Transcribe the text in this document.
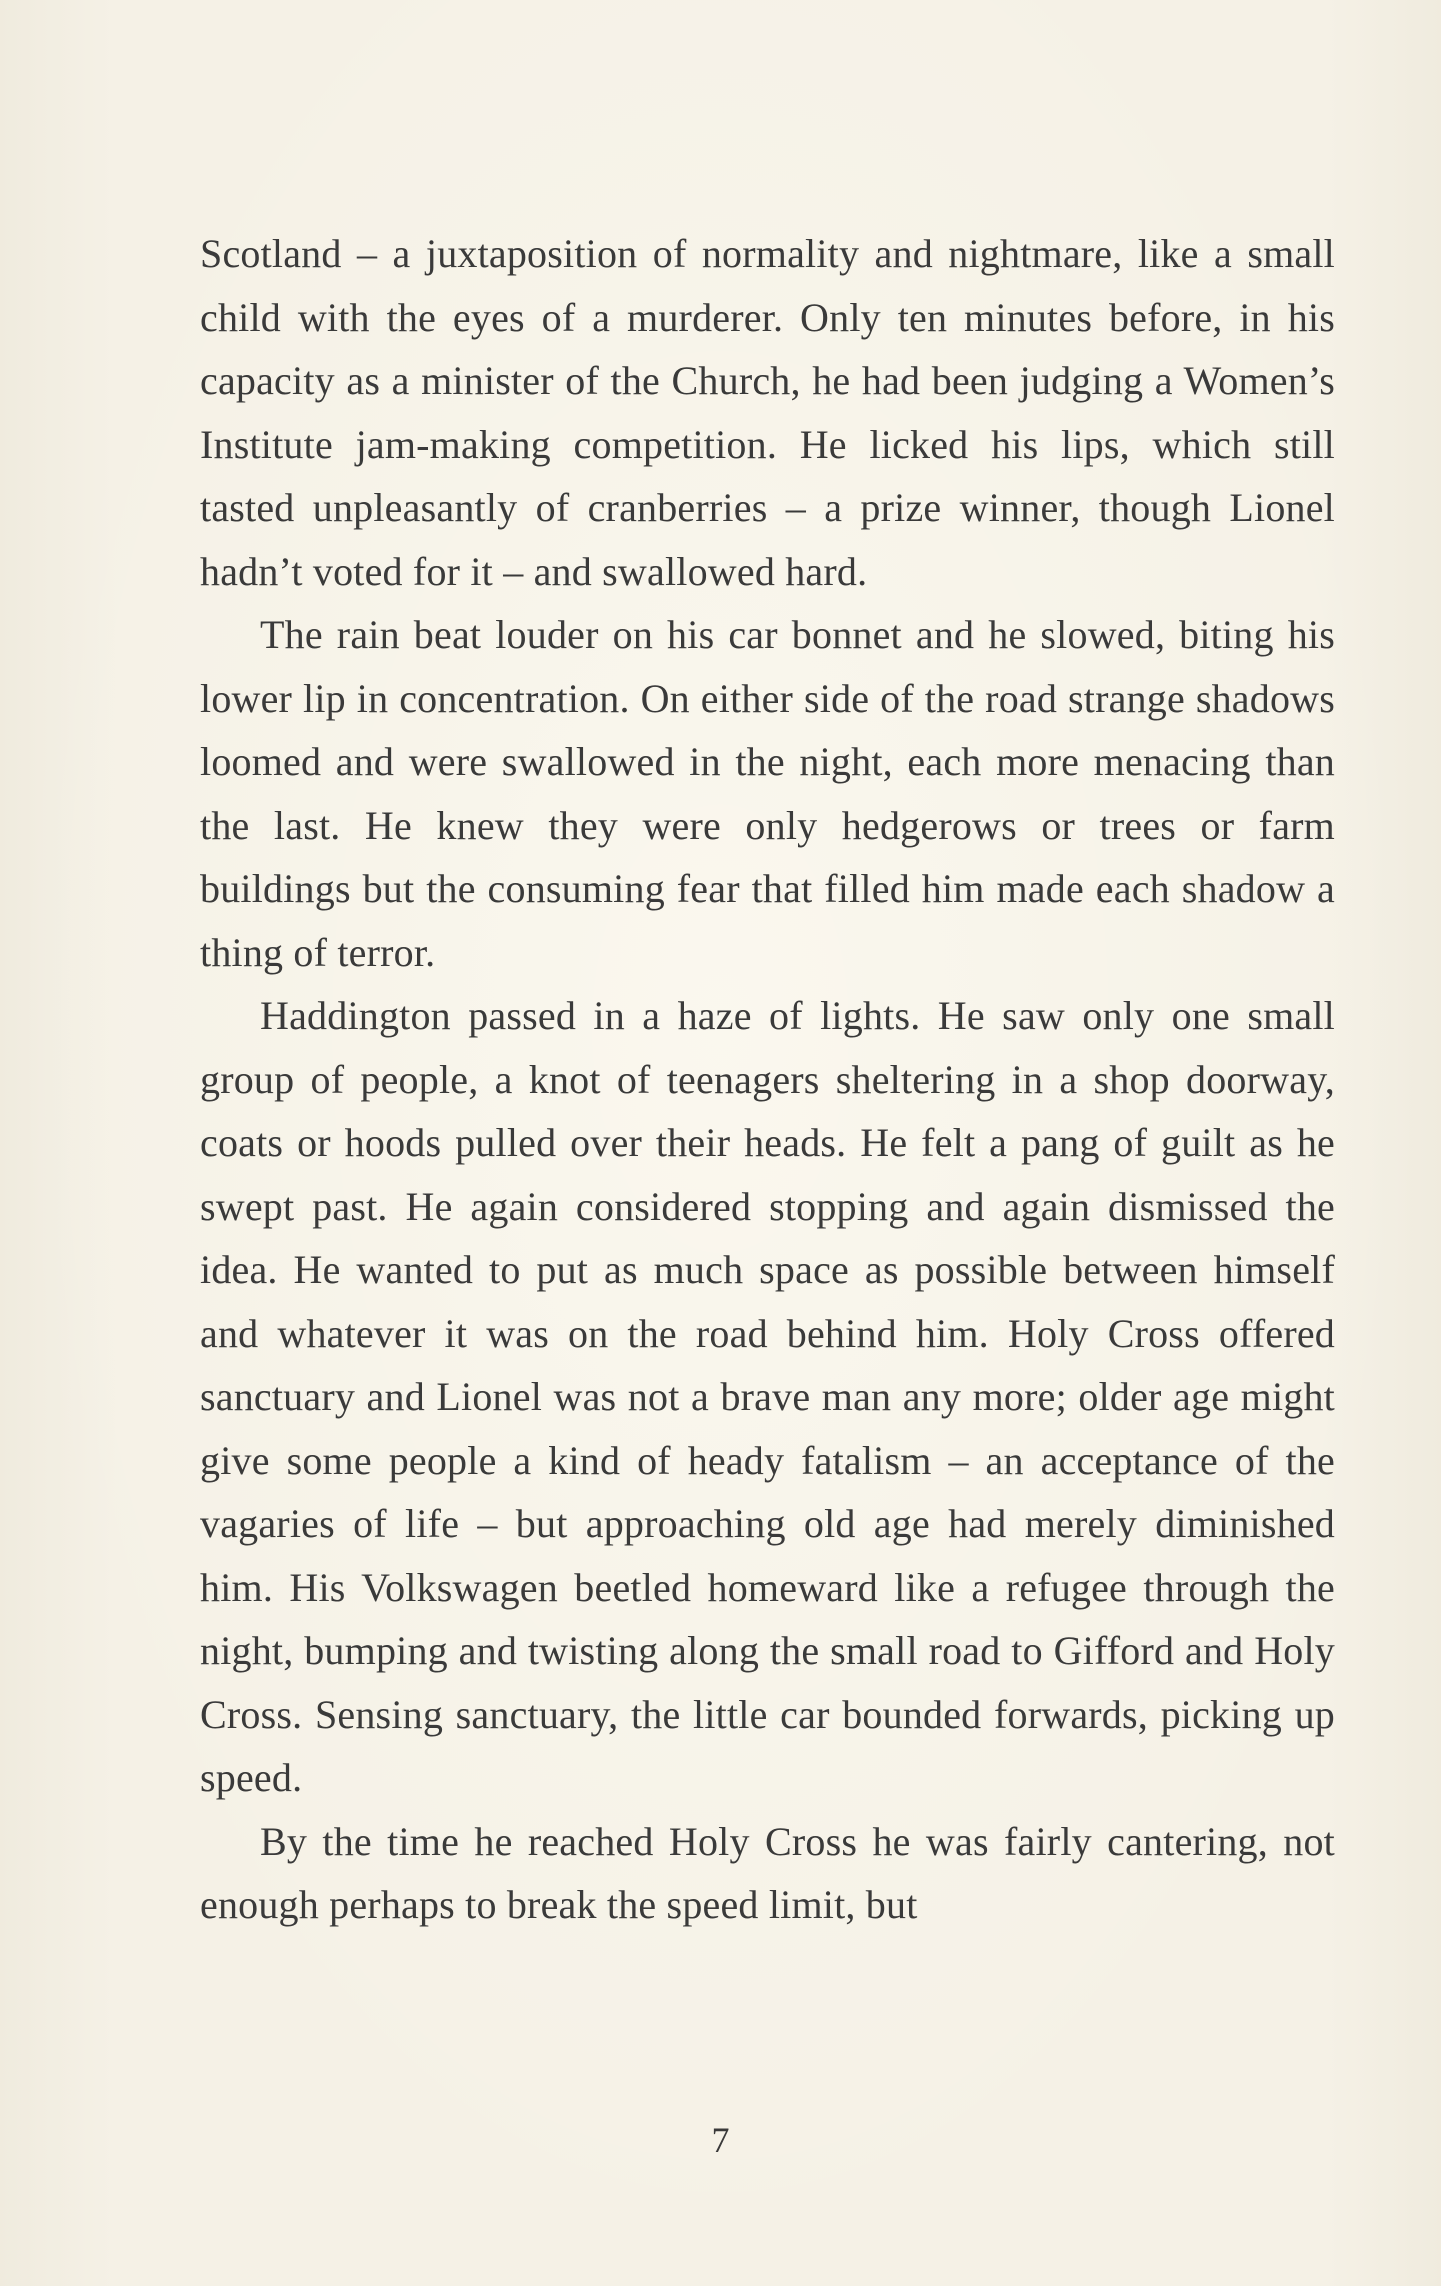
Scotland – a juxtaposition of normality and nightmare, like a small child with the eyes of a murderer. Only ten minutes before, in his capacity as a minister of the Church, he had been judging a Women’s Institute jam-making competition. He licked his lips, which still tasted unpleasantly of cranberries – a prize winner, though Lionel hadn’t voted for it – and swallowed hard.

The rain beat louder on his car bonnet and he slowed, biting his lower lip in concentration. On either side of the road strange shadows loomed and were swallowed in the night, each more menacing than the last. He knew they were only hedgerows or trees or farm buildings but the consuming fear that filled him made each shadow a thing of terror.

Haddington passed in a haze of lights. He saw only one small group of people, a knot of teenagers sheltering in a shop doorway, coats or hoods pulled over their heads. He felt a pang of guilt as he swept past. He again considered stopping and again dismissed the idea. He wanted to put as much space as possible between himself and whatever it was on the road behind him. Holy Cross offered sanctuary and Lionel was not a brave man any more; older age might give some people a kind of heady fatalism – an acceptance of the vagaries of life – but approaching old age had merely diminished him. His Volkswagen beetled homeward like a refugee through the night, bumping and twisting along the small road to Gifford and Holy Cross. Sensing sanctuary, the little car bounded forwards, picking up speed.

By the time he reached Holy Cross he was fairly cantering, not enough perhaps to break the speed limit, but

7
